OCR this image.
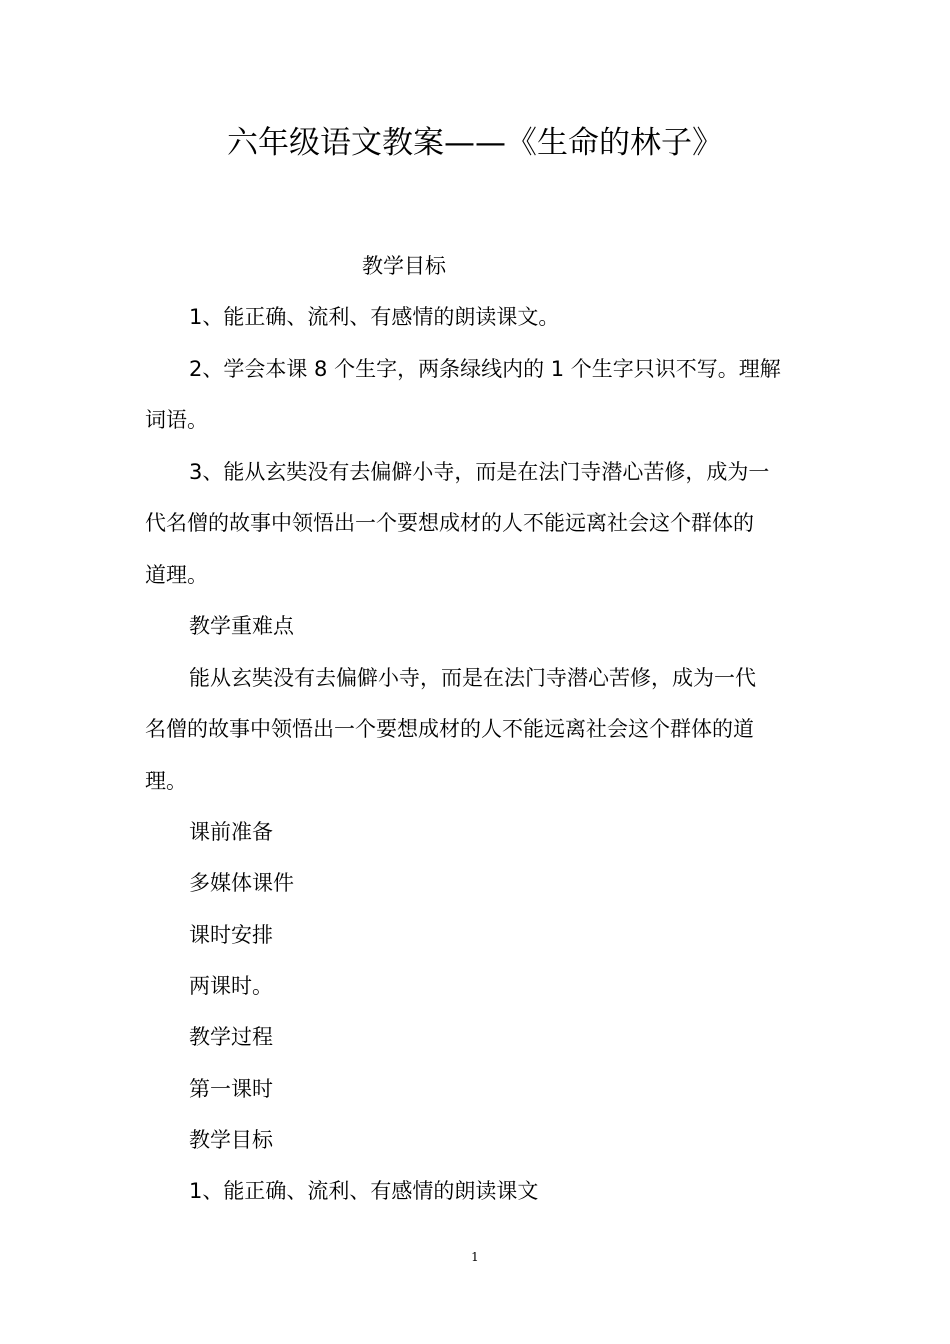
六年级语文教案——《生命的林子》
教学目标
1、能正确、流利、有感情的朗读课文。
2、学会本课 8 个生字，两条绿线内的 1 个生字只识不写。理解
词语。
3、能从玄奘没有去偏僻小寺，而是在法门寺潜心苦修，成为一
代名僧的故事中领悟出一个要想成材的人不能远离社会这个群体的
道理。
教学重难点
能从玄奘没有去偏僻小寺，而是在法门寺潜心苦修，成为一代
名僧的故事中领悟出一个要想成材的人不能远离社会这个群体的道
理。
课前准备
多媒体课件
课时安排
两课时。
教学过程
第一课时
教学目标
1、能正确、流利、有感情的朗读课文
1
